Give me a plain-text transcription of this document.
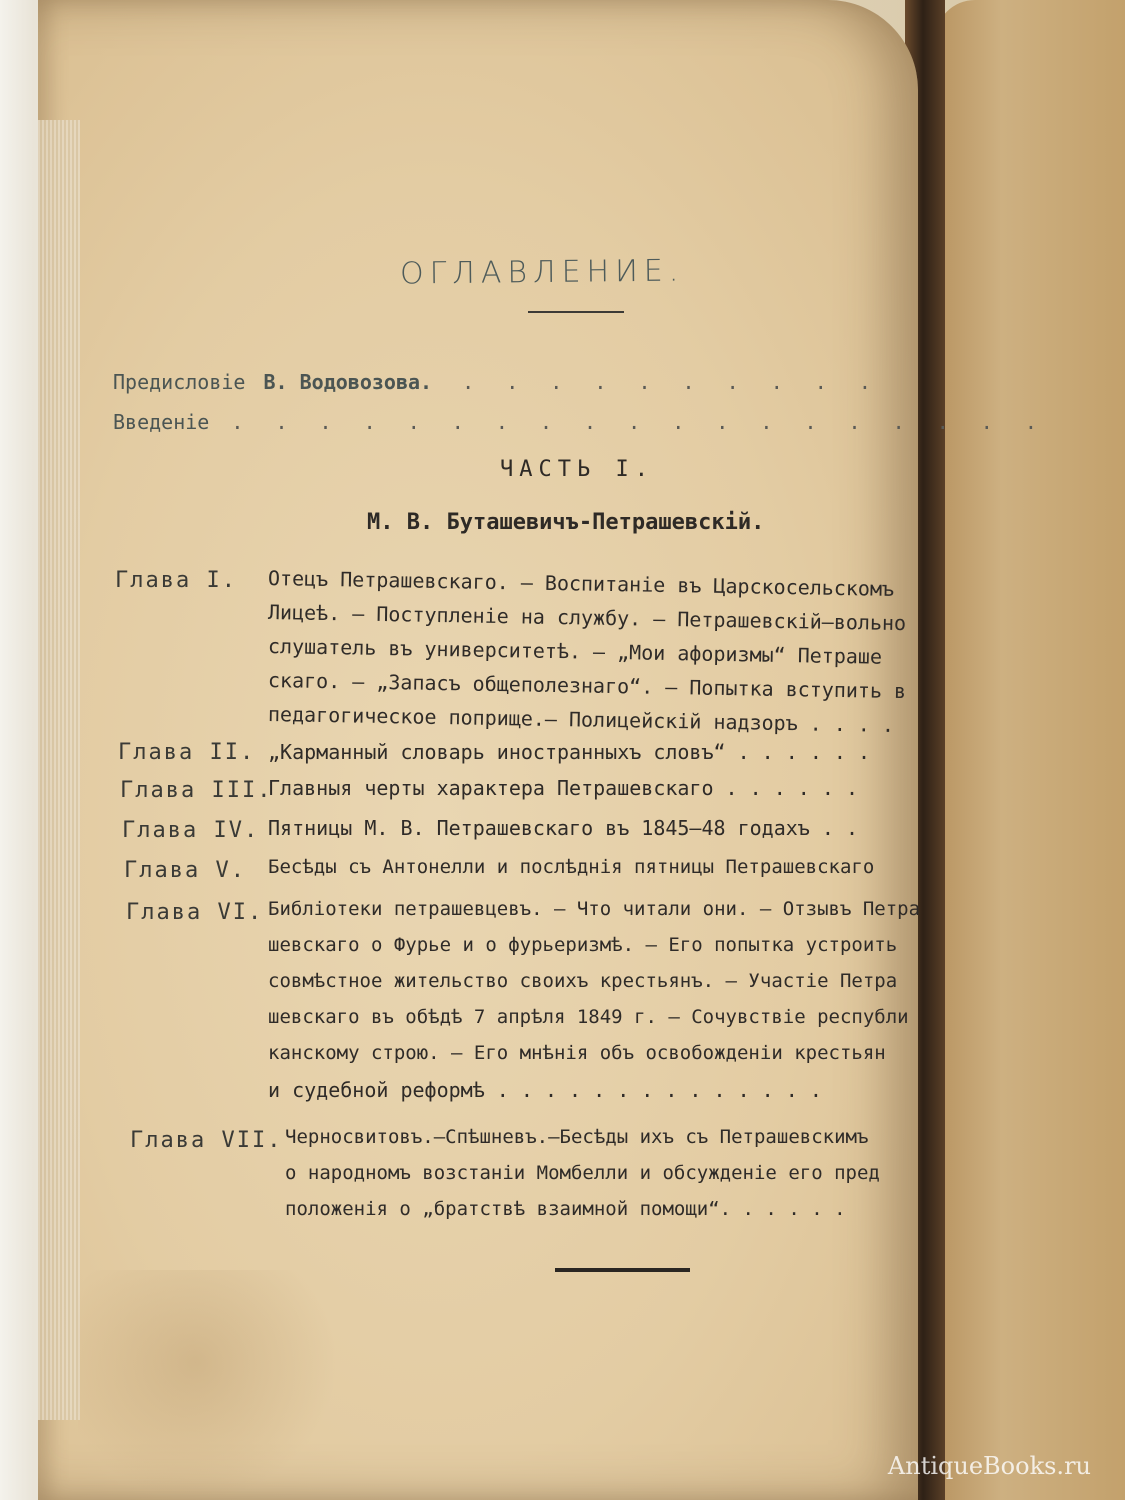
ОГЛАВЛЕНИЕ.
Предисловіе В. Водовозова. . . . . . . . . . .
Введеніе . . . . . . . . . . . . . . . . . . .
ЧАСТЬ I.
М. В. Буташевичъ-Петрашевскій.
Глава I. Отецъ Петрашевскаго. — Воспитаніе въ Царскосельскомъ
Лицеѣ. — Поступленіе на службу. — Петрашевскій—вольно
слушатель въ университетѣ. — „Мои афоризмы“ Петраше
скаго. — „Запасъ общеполезнаго“. — Попытка вступить в
педагогическое поприще.— Полицейскій надзоръ . . . .
Глава II. „Карманный словарь иностранныхъ словъ“ . . . . . .
Глава III.
Главныя черты характера Петрашевскаго . . . . . .
Глава IV. Пятницы М. В. Петрашевскаго въ 1845—48 годахъ . .
Глава V. Бесѣды съ Антонелли и послѣднія пятницы Петрашевскаго
Глава VI. Библіотеки петрашевцевъ. — Что читали они. — Отзывъ Петра
шевскаго о Фурье и о фурьеризмѣ. — Его попытка устроить
совмѣстное жительство своихъ крестьянъ. — Участіе Петра
шевскаго въ обѣдѣ 7 апрѣля 1849 г. — Сочувствіе республи
канскому строю. — Его мнѣнія объ освобожденіи крестьян
и судебной реформѣ . . . . . . . . . . . . . .
Глава VII. Черносвитовъ.—Спѣшневъ.—Бесѣды ихъ съ Петрашевскимъ
о народномъ возстаніи Момбелли и обсужденіе его пред
положенія о „братствѣ взаимной помощи“. . . . . .
AntiqueBooks.ru
